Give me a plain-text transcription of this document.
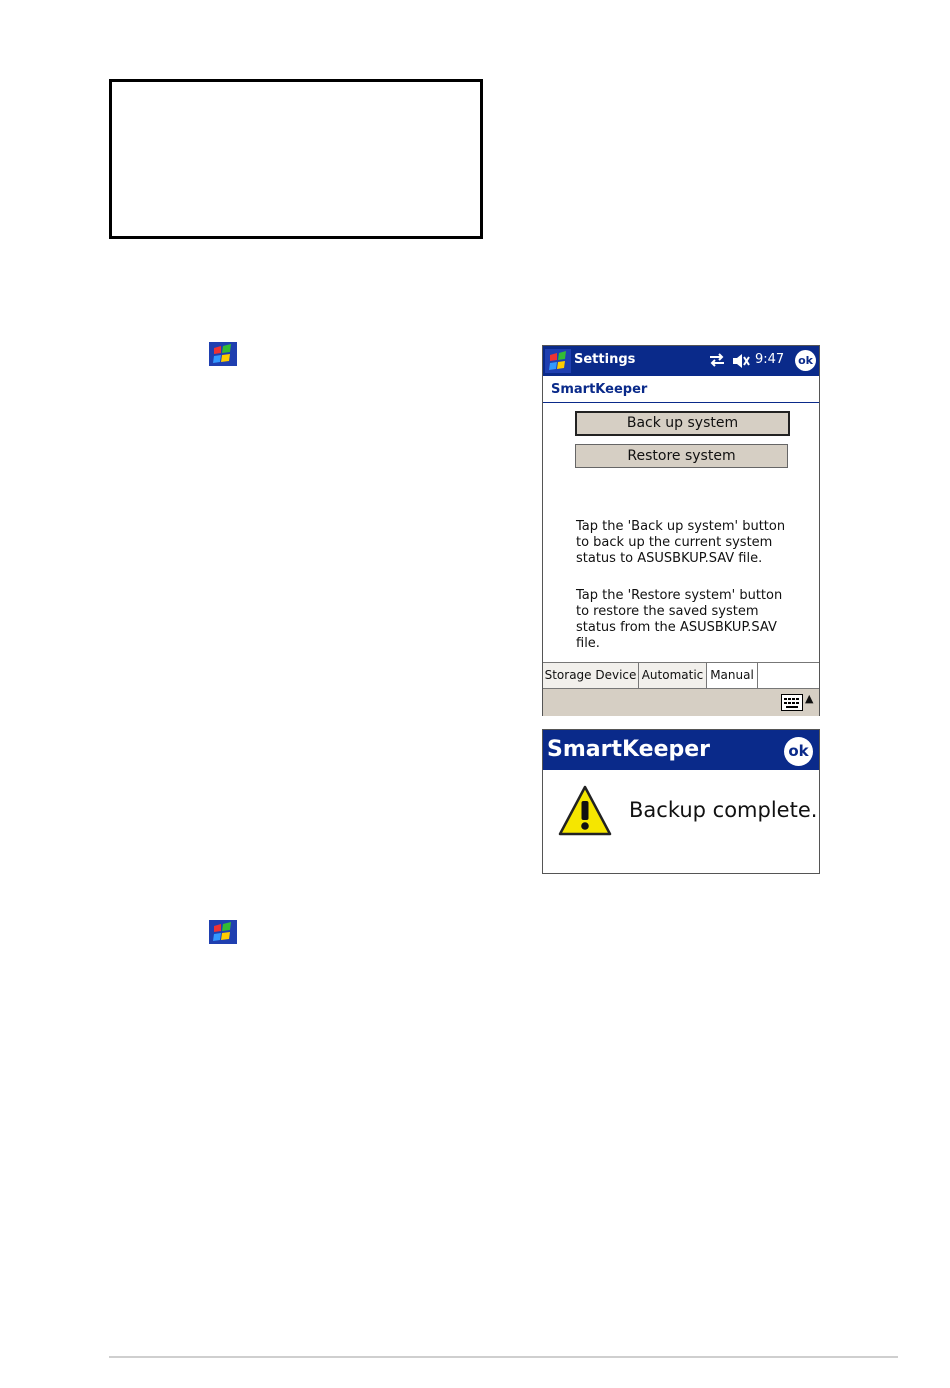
Settings	9:47 ok
SmartKeeper
Back up system
Restore system
Tap the 'Back up system' button
to back up the current system
status to ASUSBKUP.SAV file.
Tap the 'Restore system' button
to restore the saved system
status from the ASUSBKUP.SAV
file.
Storage Device Automatic Manual
▲
SmartKeeper	ok
Backup complete.
